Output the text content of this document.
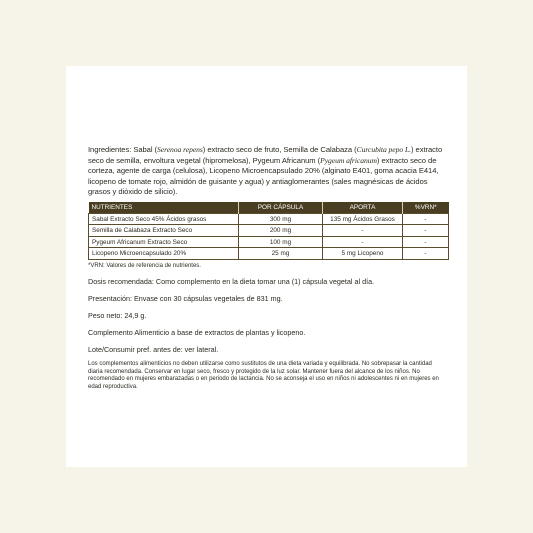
Ingredientes: Sabal (Serenoa repens) extracto seco de fruto, Semilla de Calabaza (Curcubita pepo L.) extracto seco de semilla, envoltura vegetal (hipromelosa), Pygeum Africanum (Pygeum africanum) extracto seco de corteza, agente de carga (celulosa), Licopeno Microencapsulado 20% (alginato E401, goma acacia E414, licopeno de tomate rojo, almidón de guisante y agua) y antiaglomerantes (sales magnésicas de ácidos grasos y dióxido de silicio).

NUTRIENTES	POR CÁPSULA	APORTA	%VRN*
Sabal Extracto Seco 45% Ácidos grasos	300 mg	135 mg Ácidos Grasos	-
Semilla de Calabaza Extracto Seco	200 mg	-	-
Pygeum Africanum Extracto Seco	100 mg	-	-
Licopeno Microencapsulado 20%	25 mg	5 mg Licopeno	-

*VRN: Valores de referencia de nutrientes.

Dosis recomendada: Como complemento en la dieta tomar una (1) cápsula vegetal al día.

Presentación: Envase con 30 cápsulas vegetales de 831 mg.

Peso neto: 24,9 g.

Complemento Alimenticio a base de extractos de plantas y licopeno.

Lote/Consumir pref. antes de: ver lateral.

Los complementos alimenticios no deben utilizarse como sustitutos de una dieta variada y equilibrada. No sobrepasar la cantidad diaria recomendada. Conservar en lugar seco, fresco y protegido de la luz solar. Mantener fuera del alcance de los niños. No recomendado en mujeres embarazadas o en periodo de lactancia. No se aconseja el uso en niños ni adolescentes ni en mujeres en edad reproductiva.
